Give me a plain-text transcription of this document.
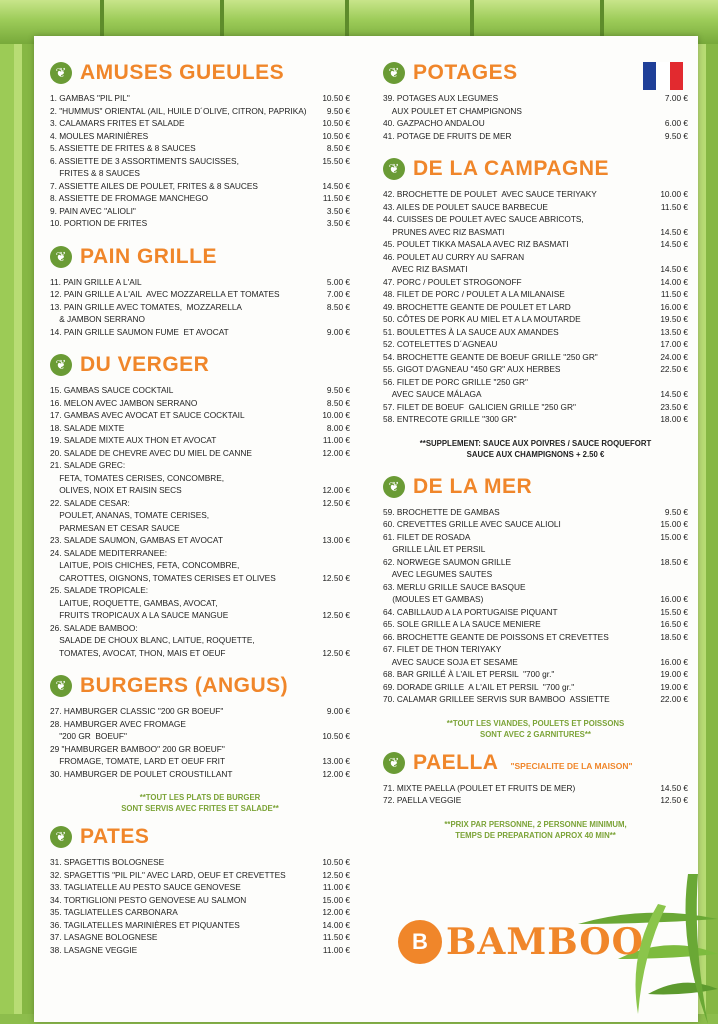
❦ AMUSES GUEULES
1. GAMBAS "PIL PIL"	10.50 €
2. "HUMMUS" ORIENTAL (AIL, HUILE D´OLIVE, CITRON, PAPRIKA)	9.50 €
3. CALAMARS FRITES ET SALADE	10.50 €
4. MOULES MARINIÈRES	10.50 €
5. ASSIETTE DE FRITES & 8 SAUCES	8.50 €
6. ASSIETTE DE 3 ASSORTIMENTS SAUCISSES,	15.50 €
FRITES & 8 SAUCES
7. ASSIETTE AILES DE POULET, FRITES & 8 SAUCES	14.50 €
8. ASSIETTE DE FROMAGE MANCHEGO	11.50 €
9. PAIN AVEC "ALIOLI"	3.50 €
10. PORTION DE FRITES	3.50 €
❦ PAIN GRILLE
11. PAIN GRILLE A L'AIL	5.00 €
12. PAIN GRILLE A L'AIL  AVEC MOZZARELLA ET TOMATES	7.00 €
13. PAIN GRILLE AVEC TOMATES,  MOZZARELLA	8.50 €
& JAMBON SERRANO
14. PAIN GRILLE SAUMON FUME  ET AVOCAT	9.00 €
❦ DU VERGER
15. GAMBAS SAUCE COCKTAIL	9.50 €
16. MELON AVEC JAMBON SERRANO	8.50 €
17. GAMBAS AVEC AVOCAT ET SAUCE COCKTAIL	10.00 €
18. SALADE MIXTE	8.00 €
19. SALADE MIXTE AUX THON ET AVOCAT	11.00 €
20. SALADE DE CHEVRE AVEC DU MIEL DE CANNE	12.00 €
21. SALADE GREC:
FETA, TOMATES CERISES, CONCOMBRE,
OLIVES, NOIX ET RAISIN SECS	12.00 €
22. SALADE CESAR:	12.50 €
POULET, ANANAS, TOMATE CERISES,
PARMESAN ET CESAR SAUCE
23. SALADE SAUMON, GAMBAS ET AVOCAT	13.00 €
24. SALADE MEDITERRANEE:
LAITUE, POIS CHICHES, FETA, CONCOMBRE,
CAROTTES, OIGNONS, TOMATES CERISES ET OLIVES	12.50 €
25. SALADE TROPICALE:
LAITUE, ROQUETTE, GAMBAS, AVOCAT,
FRUITS TROPICAUX A LA SAUCE MANGUE	12.50 €
26. SALADE BAMBOO:
SALADE DE CHOUX BLANC, LAITUE, ROQUETTE,
TOMATES, AVOCAT, THON, MAIS ET OEUF	12.50 €
❦ BURGERS (ANGUS)
27. HAMBURGER CLASSIC "200 GR BOEUF"	9.00 €
28. HAMBURGER AVEC FROMAGE
"200 GR  BOEUF"	10.50 €
29 "HAMBURGER BAMBOO" 200 GR BOEUF"
FROMAGE, TOMATE, LARD ET OEUF FRIT	13.00 €
30. HAMBURGER DE POULET CROUSTILLANT	12.00 €
**TOUT LES PLATS DE BURGER
SONT SERVIS AVEC FRITES ET SALADE**
❦ PATES
31. SPAGETTIS BOLOGNESE	10.50 €
32. SPAGETTIS "PIL PIL" AVEC LARD, OEUF ET CREVETTES	12.50 €
33. TAGLIATELLE AU PESTO SAUCE GENOVESE	11.00 €
34. TORTIGLIONI PESTO GENOVESE AU SALMON	15.00 €
35. TAGLIATELLES CARBONARA	12.00 €
36. TAGILATELLES MARINIÈRES ET PIQUANTES	14.00 €
37. LASAGNE BOLOGNESE	11.50 €
38. LASAGNE VEGGIE	11.00 €
❦ POTAGES
39. POTAGES AUX LEGUMES	7.00 €
AUX POULET ET CHAMPIGNONS
40. GAZPACHO ANDALOU	6.00 €
41. POTAGE DE FRUITS DE MER	9.50 €
❦ DE LA CAMPAGNE
42. BROCHETTE DE POULET  AVEC SAUCE TERIYAKY	10.00 €
43. AILES DE POULET SAUCE BARBECUE	11.50 €
44. CUISSES DE POULET AVEC SAUCE ABRICOTS,
PRUNES AVEC RIZ BASMATI	14.50 €
45. POULET TIKKA MASALA AVEC RIZ BASMATI	14.50 €
46. POULET AU CURRY AU SAFRAN
AVEC RIZ BASMATI	14.50 €
47. PORC / POULET STROGONOFF	14.00 €
48. FILET DE PORC / POULET A LA MILANAISE	11.50 €
49. BROCHETTE GEANTE DE POULET ET LARD	16.00 €
50. CÔTES DE PORK AU MIEL ET A LA MOUTARDE	19.50 €
51. BOULETTES À LA SAUCE AUX AMANDES	13.50 €
52. COTELETTES D´AGNEAU	17.00 €
54. BROCHETTE GEANTE DE BOEUF GRILLE "250 GR"	24.00 €
55. GIGOT D'AGNEAU "450 GR" AUX HERBES	22.50 €
56. FILET DE PORC GRILLE "250 GR"
AVEC SAUCE MÁLAGA	14.50 €
57. FILET DE BOEUF  GALICIEN GRILLE "250 GR"	23.50 €
58. ENTRECOTE GRILLE "300 GR"	18.00 €
**SUPPLEMENT: SAUCE AUX POIVRES / SAUCE ROQUEFORT
SAUCE AUX CHAMPIGNONS + 2.50 €
❦ DE LA MER
59. BROCHETTE DE GAMBAS	9.50 €
60. CREVETTES GRILLE AVEC SAUCE ALIOLI	15.00 €
61. FILET DE ROSADA	15.00 €
GRILLE LÀIL ET PERSIL
62. NORWEGE SAUMON GRILLE	18.50 €
AVEC LEGUMES SAUTES
63. MERLU GRILLE SAUCE BASQUE
(MOULES ET GAMBAS)	16.00 €
64. CABILLAUD A LA PORTUGAISE PIQUANT	15.50 €
65. SOLE GRILLE A LA SAUCE MENIERE	16.50 €
66. BROCHETTE GEANTE DE POISSONS ET CREVETTES	18.50 €
67. FILET DE THON TERIYAKY
AVEC SAUCE SOJA ET SESAME	16.00 €
68. BAR GRILLÉ À L'AIL ET PERSIL  "700 gr."	19.00 €
69. DORADE GRILLE  A L'AIL ET PERSIL  "700 gr."	19.00 €
70. CALAMAR GRILLEE SERVIS SUR BAMBOO  ASSIETTE	22.00 €
**TOUT LES VIANDES, POULETS ET POISSONS
SONT AVEC 2 GARNITURES**
❦ PAELLA "SPECIALITE DE LA MAISON"
71. MIXTE PAELLA (POULET ET FRUITS DE MER)	14.50 €
72. PAELLA VEGGIE	12.50 €
**PRIX PAR PERSONNE, 2 PERSONNE MINIMUM,
TEMPS DE PREPARATION APROX 40 MIN**
B BAMBOO
